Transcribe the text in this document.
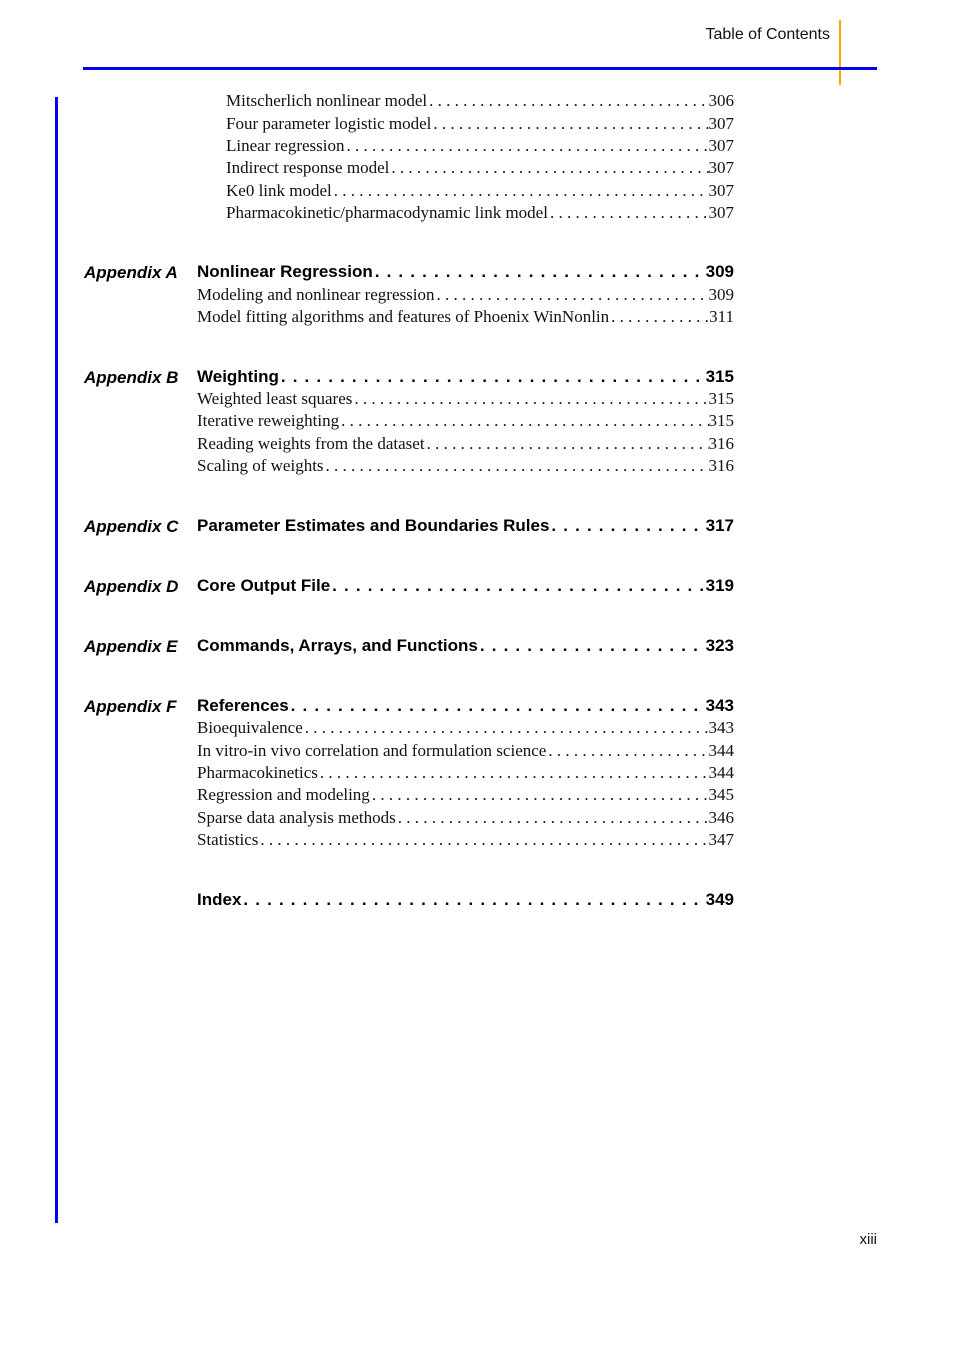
Table of Contents
Mitscherlich nonlinear model . . .	306
Four parameter logistic model . . .	307
Linear regression . . .	307
Indirect response model . . .	307
Ke0 link model . . .	307
Pharmacokinetic/pharmacodynamic link model . . .	307
Appendix A Nonlinear Regression . . .	309
Modeling and nonlinear regression . . .	309
Model fitting algorithms and features of Phoenix WinNonlin . . .	311
Appendix B Weighting . . .	315
Weighted least squares . . .	315
Iterative reweighting . . .	315
Reading weights from the dataset . . .	316
Scaling of weights . . .	316
Appendix C Parameter Estimates and Boundaries Rules . . .	317
Appendix D Core Output File . . .	319
Appendix E Commands, Arrays, and Functions . . .	323
Appendix F References . . .	343
Bioequivalence . . .	343
In vitro-in vivo correlation and formulation science . . .	344
Pharmacokinetics . . .	344
Regression and modeling . . .	345
Sparse data analysis methods . . .	346
Statistics . . .	347
Index . . .	349
xiii
